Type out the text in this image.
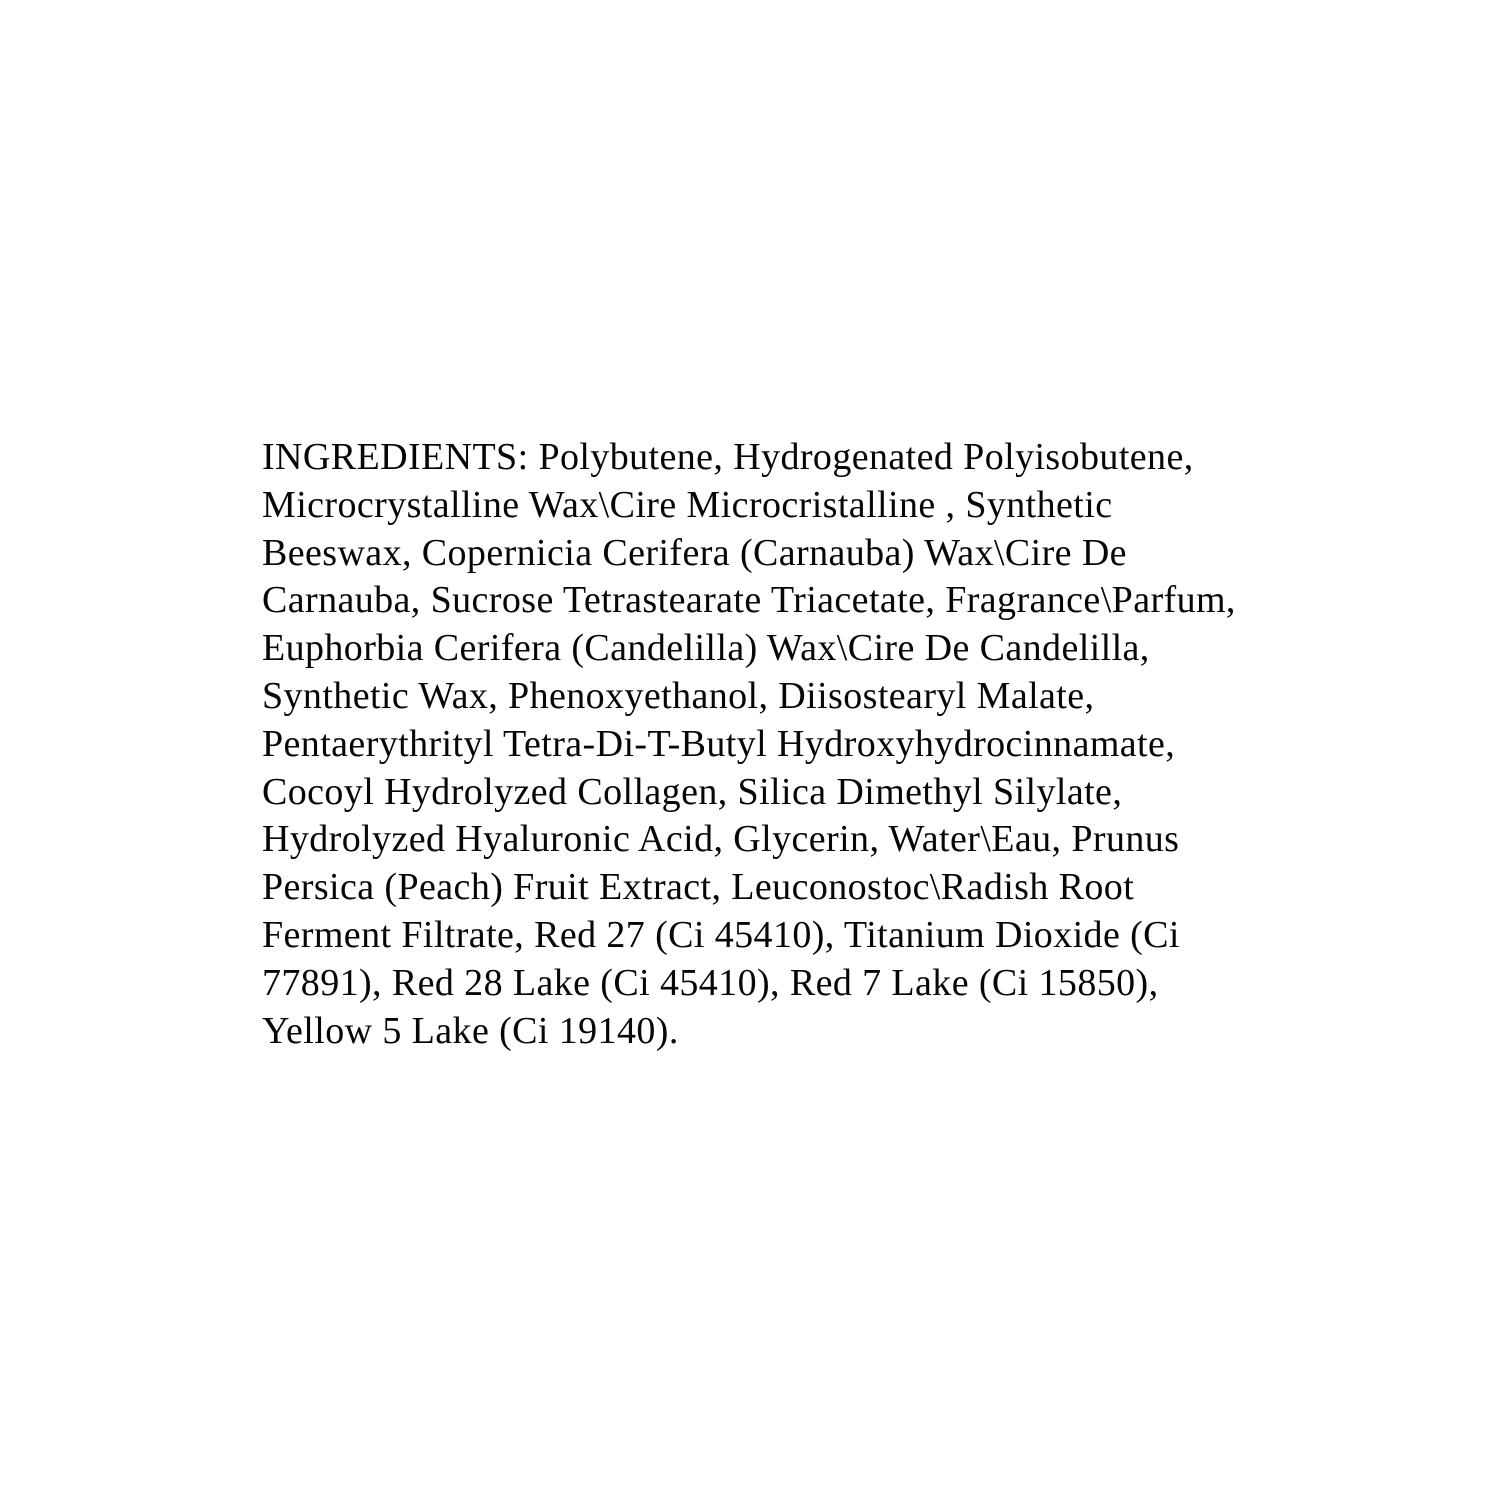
INGREDIENTS: Polybutene, Hydrogenated Polyisobutene,
Microcrystalline Wax\Cire Microcristalline , Synthetic
Beeswax, Copernicia Cerifera (Carnauba) Wax\Cire De
Carnauba, Sucrose Tetrastearate Triacetate, Fragrance\Parfum,
Euphorbia Cerifera (Candelilla) Wax\Cire De Candelilla,
Synthetic Wax, Phenoxyethanol, Diisostearyl Malate,
Pentaerythrityl Tetra-Di-T-Butyl Hydroxyhydrocinnamate,
Cocoyl Hydrolyzed Collagen, Silica Dimethyl Silylate,
Hydrolyzed Hyaluronic Acid, Glycerin, Water\Eau, Prunus
Persica (Peach) Fruit Extract, Leuconostoc\Radish Root
Ferment Filtrate, Red 27 (Ci 45410), Titanium Dioxide (Ci
77891), Red 28 Lake (Ci 45410), Red 7 Lake (Ci 15850),
Yellow 5 Lake (Ci 19140).
